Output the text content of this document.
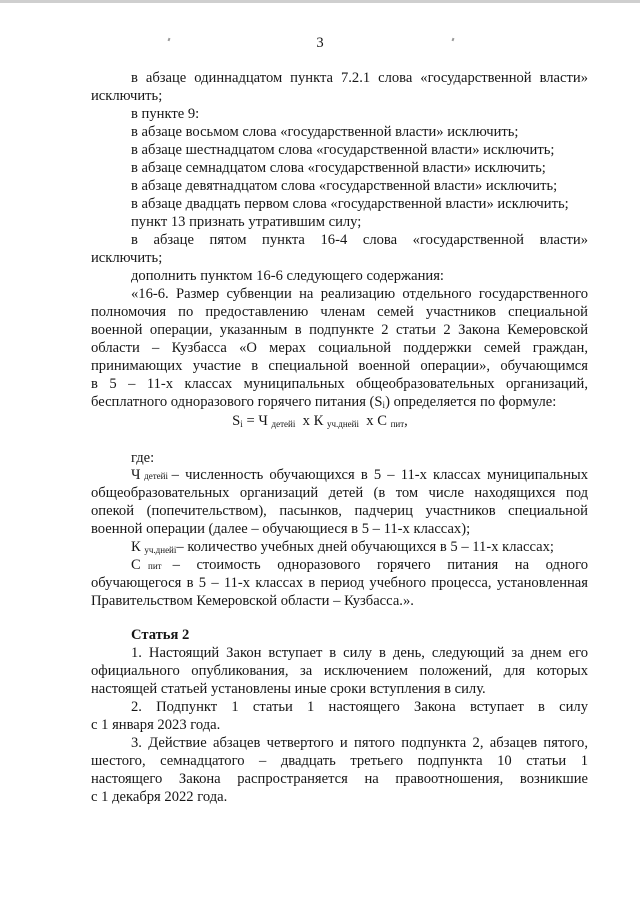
3
в абзаце одиннадцатом пункта 7.2.1 слова «государственной власти»
исключить;
в пункте 9:
в абзаце восьмом слова «государственной власти» исключить;
в абзаце шестнадцатом слова «государственной власти» исключить;
в абзаце семнадцатом слова «государственной власти» исключить;
в абзаце девятнадцатом слова «государственной власти» исключить;
в абзаце двадцать первом слова «государственной власти» исключить;
пункт 13 признать утратившим силу;
в абзаце пятом пункта 16-4 слова «государственной власти»
исключить;
дополнить пунктом 16-6 следующего содержания:
«16-6. Размер субвенции на реализацию отдельного государственного
полномочия по предоставлению членам семей участников специальной
военной операции, указанным в подпункте 2 статьи 2 Закона Кемеровской
области – Кузбасса «О мерах социальной поддержки семей граждан,
принимающих участие в специальной военной операции», обучающимся
в 5 – 11-х классах муниципальных общеобразовательных организаций,
бесплатного одноразового горячего питания $(S_i)$ определяется по формуле:
$S_i = Ч$ $_{детейi}$ x К $_{уч.днейi}$ x С $_{пит}$,
где:
Ч
детейi
– численность обучающихся в 5 – 11-х классах муниципальных
общеобразовательных организаций детей (в том числе находящихся под
опекой (попечительством), пасынков, падчериц участников специальной
военной операции (далее – обучающиеся в 5 – 11-х классах);
К $_{уч.днейi}$– количество учебных дней обучающихся в 5 – 11-х классах;
С
пит
– стоимость одноразового горячего питания на одного
обучающегося в 5 – 11-х классах в период учебного процесса, установленная
Правительством Кемеровской области – Кузбасса.».
Статья 2
1. Настоящий Закон вступает в силу в день, следующий за днем его
официального опубликования, за исключением положений, для которых
настоящей статьей установлены иные сроки вступления в силу.
2. Подпункт 1 статьи 1 настоящего Закона вступает в силу
с 1 января 2023 года.
3. Действие абзацев четвертого и пятого подпункта 2, абзацев пятого,
шестого, семнадцатого – двадцать третьего подпункта 10 статьи 1
настоящего Закона распространяется на правоотношения, возникшие
с 1 декабря 2022 года.
